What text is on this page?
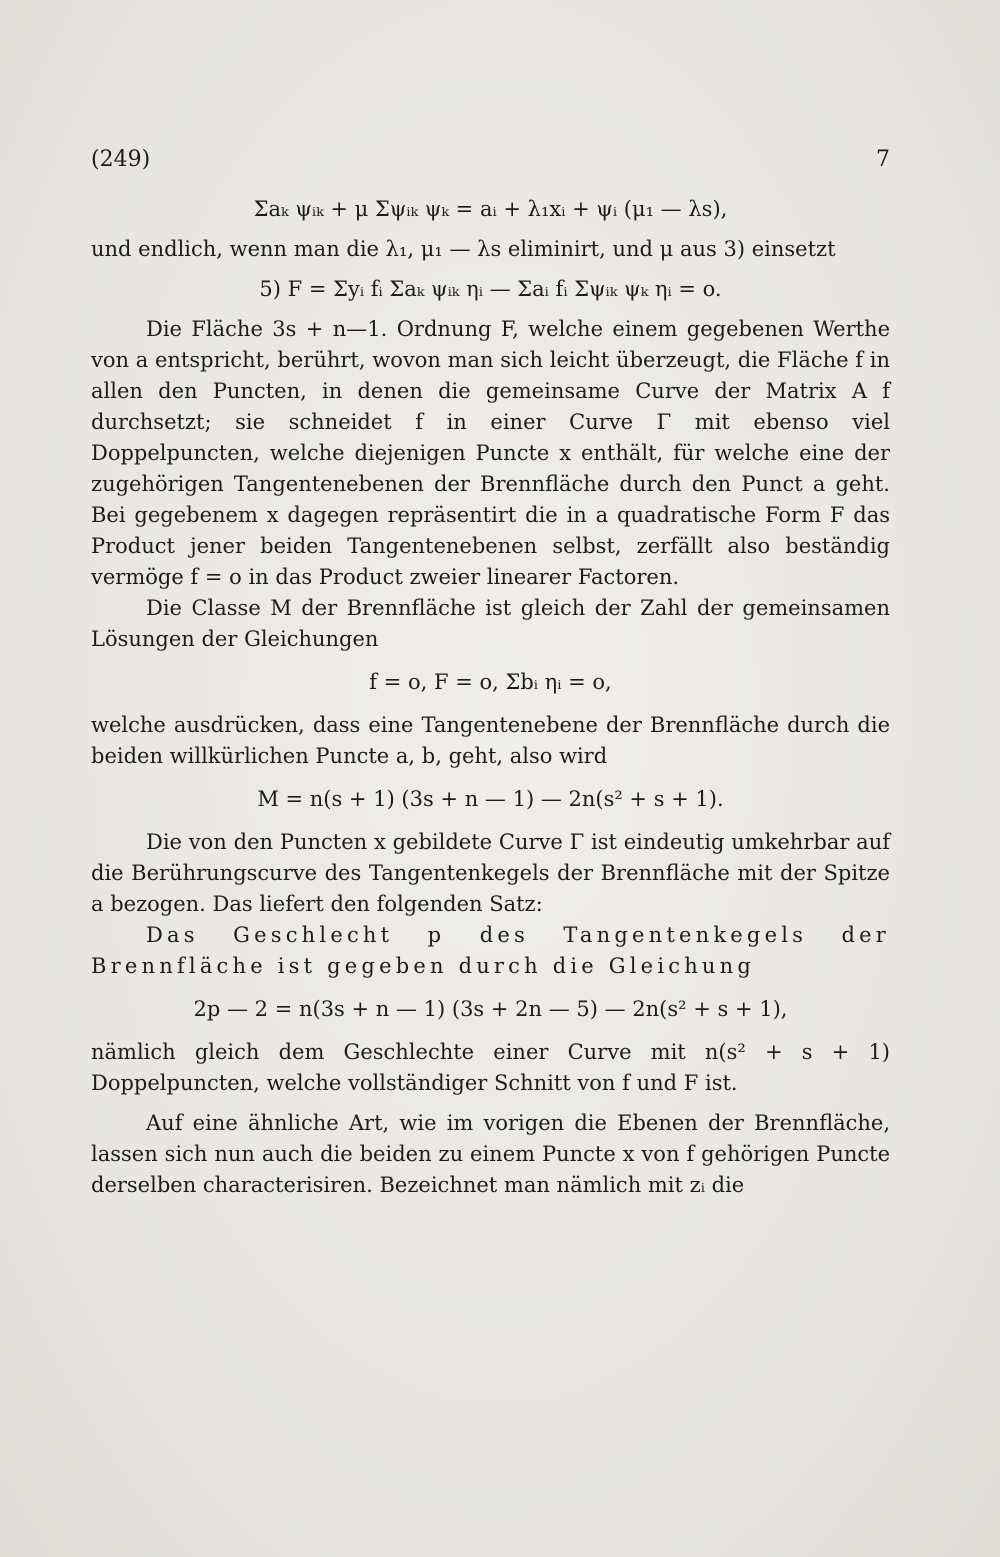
(249)	7

Σaₖ ψᵢₖ + μ Σψᵢₖ ψₖ = aᵢ + λ₁xᵢ + ψᵢ (μ₁ — λs),

und endlich, wenn man die λ₁, μ₁ — λs eliminirt, und μ aus 3) einsetzt

5) F = Σyᵢ fᵢ Σaₖ ψᵢₖ ηᵢ — Σaᵢ fᵢ Σψᵢₖ ψₖ ηᵢ = o.

Die Fläche 3s + n—1. Ordnung F, welche einem gegebenen Werthe von a entspricht, berührt, wovon man sich leicht überzeugt, die Fläche f in allen den Puncten, in denen die gemeinsame Curve der Matrix A f durchsetzt; sie schneidet f in einer Curve Γ mit ebenso viel Doppelpuncten, welche diejenigen Puncte x enthält, für welche eine der zugehörigen Tangentenebenen der Brennfläche durch den Punct a geht. Bei gegebenem x dagegen repräsentirt die in a quadratische Form F das Product jener beiden Tangentenebenen selbst, zerfällt also beständig vermöge f = o in das Product zweier linearer Factoren.

Die Classe M der Brennfläche ist gleich der Zahl der gemeinsamen Lösungen der Gleichungen

f = o, F = o, Σbᵢ ηᵢ = o,

welche ausdrücken, dass eine Tangentenebene der Brennfläche durch die beiden willkürlichen Puncte a, b, geht, also wird

M = n(s + 1) (3s + n — 1) — 2n(s² + s + 1).

Die von den Puncten x gebildete Curve Γ ist eindeutig umkehrbar auf die Berührungscurve des Tangentenkegels der Brennfläche mit der Spitze a bezogen. Das liefert den folgenden Satz:

Das Geschlecht p des Tangentenkegels der Brennfläche ist gegeben durch die Gleichung

2p — 2 = n(3s + n — 1) (3s + 2n — 5) — 2n(s² + s + 1),

nämlich gleich dem Geschlechte einer Curve mit n(s² + s + 1) Doppelpuncten, welche vollständiger Schnitt von f und F ist.

Auf eine ähnliche Art, wie im vorigen die Ebenen der Brennfläche, lassen sich nun auch die beiden zu einem Puncte x von f gehörigen Puncte derselben characterisiren. Bezeichnet man nämlich mit zᵢ die
